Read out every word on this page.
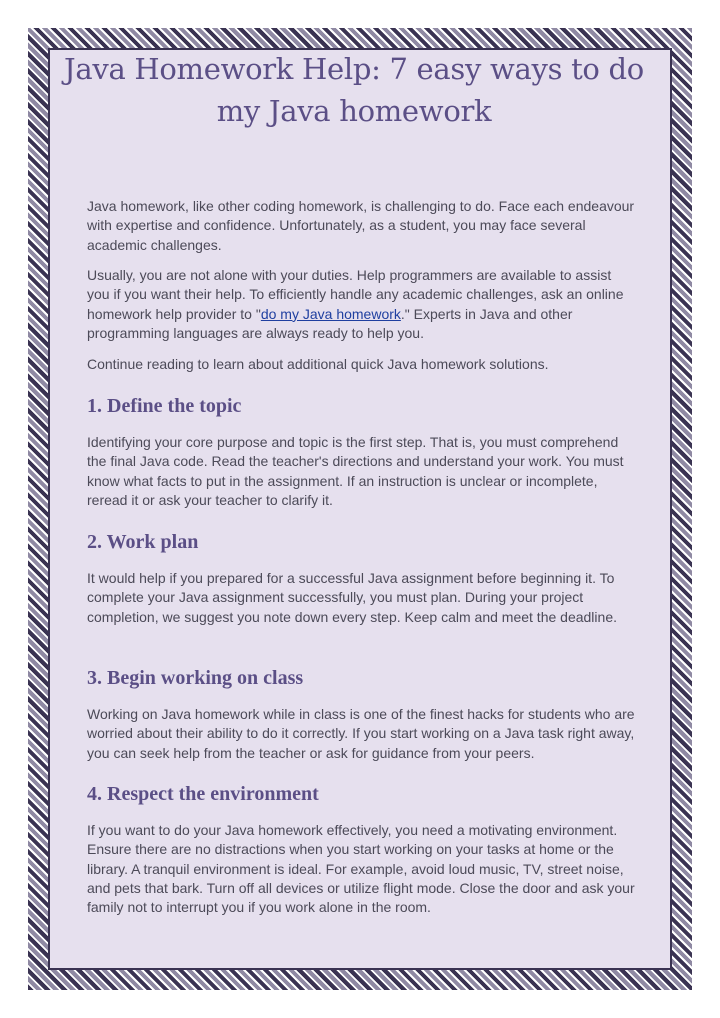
Java Homework Help: 7 easy ways to do my Java homework

Java homework, like other coding homework, is challenging to do. Face each endeavour with expertise and confidence. Unfortunately, as a student, you may face several academic challenges.

Usually, you are not alone with your duties. Help programmers are available to assist you if you want their help. To efficiently handle any academic challenges, ask an online homework help provider to "do my Java homework." Experts in Java and other programming languages are always ready to help you.

Continue reading to learn about additional quick Java homework solutions.

1. Define the topic

Identifying your core purpose and topic is the first step. That is, you must comprehend the final Java code. Read the teacher's directions and understand your work. You must know what facts to put in the assignment. If an instruction is unclear or incomplete, reread it or ask your teacher to clarify it.

2. Work plan

It would help if you prepared for a successful Java assignment before beginning it. To complete your Java assignment successfully, you must plan. During your project completion, we suggest you note down every step. Keep calm and meet the deadline.

3. Begin working on class

Working on Java homework while in class is one of the finest hacks for students who are worried about their ability to do it correctly. If you start working on a Java task right away, you can seek help from the teacher or ask for guidance from your peers.

4. Respect the environment

If you want to do your Java homework effectively, you need a motivating environment. Ensure there are no distractions when you start working on your tasks at home or the library. A tranquil environment is ideal. For example, avoid loud music, TV, street noise, and pets that bark. Turn off all devices or utilize flight mode. Close the door and ask your family not to interrupt you if you work alone in the room.
